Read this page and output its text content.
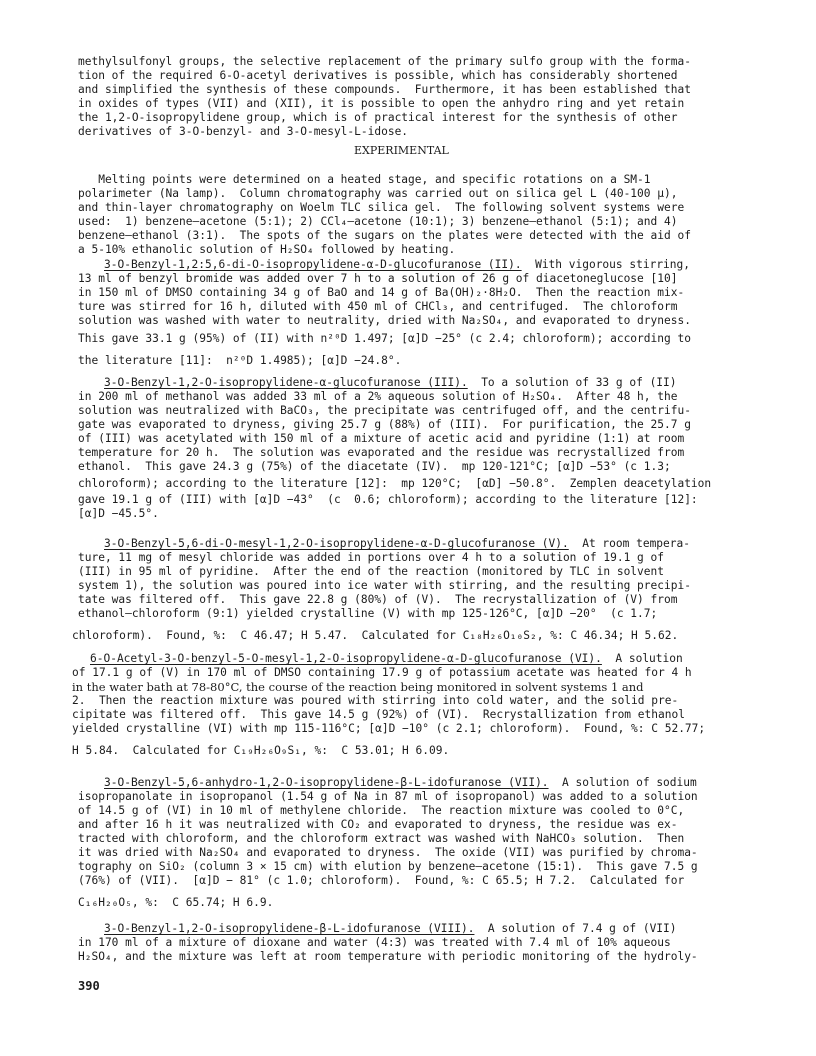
methylsulfonyl groups, the selective replacement of the primary sulfo group with the forma-
tion of the required 6-O-acetyl derivatives is possible, which has considerably shortened
and simplified the synthesis of these compounds.  Furthermore, it has been established that
in oxides of types (VII) and (XII), it is possible to open the anhydro ring and yet retain
the 1,2-O-isopropylidene group, which is of practical interest for the synthesis of other
derivatives of 3-O-benzyl- and 3-O-mesyl-L-idose.
EXPERIMENTAL
Melting points were determined on a heated stage, and specific rotations on a SM-1
polarimeter (Na lamp).  Column chromatography was carried out on silica gel L (40-100 µ),
and thin-layer chromatography on Woelm TLC silica gel.  The following solvent systems were
used:  1) benzene–acetone (5:1); 2) CCl₄–acetone (10:1); 3) benzene–ethanol (5:1); and 4)
benzene–ethanol (3:1).  The spots of the sugars on the plates were detected with the aid of
a 5-10% ethanolic solution of H₂SO₄ followed by heating.
3-O-Benzyl-1,2:5,6-di-O-isopropylidene-α-D-glucofuranose (II).  With vigorous stirring,
13 ml of benzyl bromide was added over 7 h to a solution of 26 g of diacetoneglucose [10]
in 150 ml of DMSO containing 34 g of BaO and 14 g of Ba(OH)₂·8H₂O.  Then the reaction mix-
ture was stirred for 16 h, diluted with 450 ml of CHCl₃, and centrifuged.  The chloroform
solution was washed with water to neutrality, dried with Na₂SO₄, and evaporated to dryness.
This gave 33.1 g (95%) of (II) with n²⁰D 1.497; [α]D −25° (c 2.4; chloroform); according to
the literature [11]:  n²⁰D 1.4985); [α]D −24.8°.
3-O-Benzyl-1,2-O-isopropylidene-α-glucofuranose (III).  To a solution of 33 g of (II)
in 200 ml of methanol was added 33 ml of a 2% aqueous solution of H₂SO₄.  After 48 h, the
solution was neutralized with BaCO₃, the precipitate was centrifuged off, and the centrifu-
gate was evaporated to dryness, giving 25.7 g (88%) of (III).  For purification, the 25.7 g
of (III) was acetylated with 150 ml of a mixture of acetic acid and pyridine (1:1) at room
temperature for 20 h.  The solution was evaporated and the residue was recrystallized from
ethanol.  This gave 24.3 g (75%) of the diacetate (IV).  mp 120-121°C; [α]D −53° (c 1.3;
chloroform); according to the literature [12]:  mp 120°C;  [αD] −50.8°.  Zemplen deacetylation
gave 19.1 g of (III) with [α]D −43°  (c  0.6; chloroform); according to the literature [12]:
[α]D −45.5°.
3-O-Benzyl-5,6-di-O-mesyl-1,2-O-isopropylidene-α-D-glucofuranose (V).  At room tempera-
ture, 11 mg of mesyl chloride was added in portions over 4 h to a solution of 19.1 g of
(III) in 95 ml of pyridine.  After the end of the reaction (monitored by TLC in solvent
system 1), the solution was poured into ice water with stirring, and the resulting precipi-
tate was filtered off.  This gave 22.8 g (80%) of (V).  The recrystallization of (V) from
ethanol–chloroform (9:1) yielded crystalline (V) with mp 125-126°C, [α]D −20°  (c 1.7;
chloroform).  Found, %:  C 46.47; H 5.47.  Calculated for C₁₈H₂₆O₁₀S₂, %: C 46.34; H 5.62.
6-O-Acetyl-3-O-benzyl-5-O-mesyl-1,2-O-isopropylidene-α-D-glucofuranose (VI).  A solution
of 17.1 g of (V) in 170 ml of DMSO containing 17.9 g of potassium acetate was heated for 4 h
in the water bath at 78-80°C, the course of the reaction being monitored in solvent systems 1 and
2.  Then the reaction mixture was poured with stirring into cold water, and the solid pre-
cipitate was filtered off.  This gave 14.5 g (92%) of (VI).  Recrystallization from ethanol
yielded crystalline (VI) with mp 115-116°C; [α]D −10° (c 2.1; chloroform).  Found, %: C 52.77;
H 5.84.  Calculated for C₁₉H₂₆O₉S₁, %:  C 53.01; H 6.09.
3-O-Benzyl-5,6-anhydro-1,2-O-isopropylidene-β-L-idofuranose (VII).  A solution of sodium
isopropanolate in isopropanol (1.54 g of Na in 87 ml of isopropanol) was added to a solution
of 14.5 g of (VI) in 10 ml of methylene chloride.  The reaction mixture was cooled to 0°C,
and after 16 h it was neutralized with CO₂ and evaporated to dryness, the residue was ex-
tracted with chloroform, and the chloroform extract was washed with NaHCO₃ solution.  Then
it was dried with Na₂SO₄ and evaporated to dryness.  The oxide (VII) was purified by chroma-
tography on SiO₂ (column 3 × 15 cm) with elution by benzene–acetone (15:1).  This gave 7.5 g
(76%) of (VII).  [α]D − 81° (c 1.0; chloroform).  Found, %: C 65.5; H 7.2.  Calculated for
C₁₆H₂₀O₅, %:  C 65.74; H 6.9.
3-O-Benzyl-1,2-O-isopropylidene-β-L-idofuranose (VIII).  A solution of 7.4 g of (VII)
in 170 ml of a mixture of dioxane and water (4:3) was treated with 7.4 ml of 10% aqueous
H₂SO₄, and the mixture was left at room temperature with periodic monitoring of the hydroly-
390
